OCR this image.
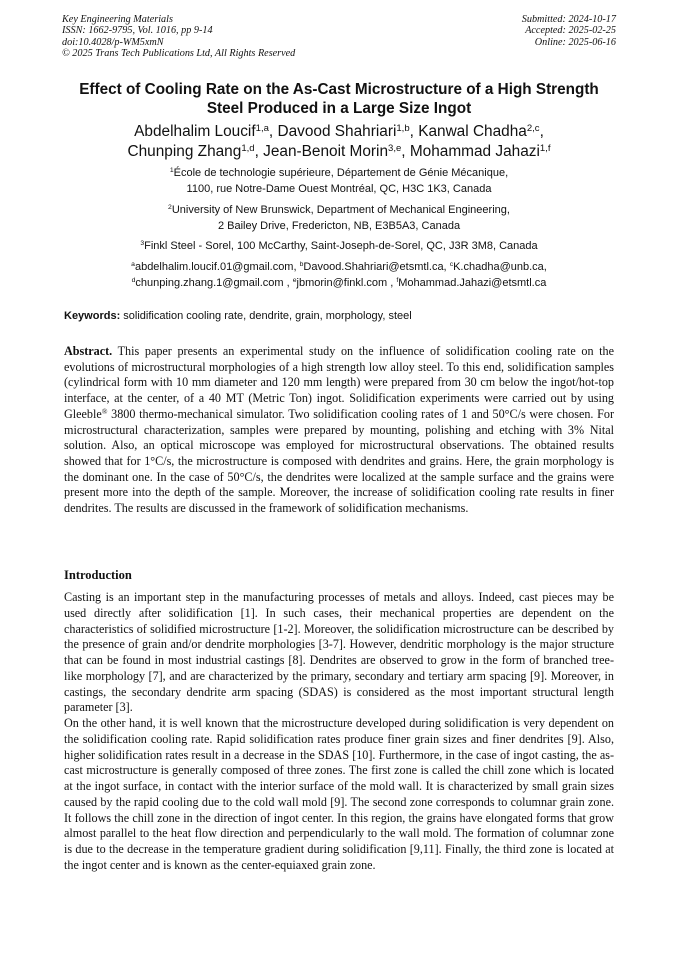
Key Engineering Materials
ISSN: 1662-9795, Vol. 1016, pp 9-14
doi:10.4028/p-WM5xmN
© 2025 Trans Tech Publications Ltd, All Rights Reserved
Submitted: 2024-10-17
Accepted: 2025-02-25
Online: 2025-06-16
Effect of Cooling Rate on the As-Cast Microstructure of a High Strength
Steel Produced in a Large Size Ingot
Abdelhalim Loucif$^{1,a}$, Davood Shahriari$^{1,b}$, Kanwal Chadha$^{2,c}$,
Chunping Zhang$^{1,d}$, Jean-Benoit Morin$^{3,e}$, Mohammad Jahazi$^{1,f}$
$^1$École de technologie supérieure, Département de Génie Mécanique,
1100, rue Notre-Dame Ouest Montréal, QC, H3C 1K3, Canada
$^2$University of New Brunswick, Department of Mechanical Engineering,
2 Bailey Drive, Fredericton, NB, E3B5A3, Canada
$^3$Finkl Steel - Sorel, 100 McCarthy, Saint-Joseph-de-Sorel, QC, J3R 3M8, Canada
$^a$abdelhalim.loucif.01@gmail.com, $^b$Davood.Shahriari@etsmtl.ca, $^c$K.chadha@unb.ca,
$^d$chunping.zhang.1@gmail.com , $^e$jbmorin@finkl.com , $^f$Mohammad.Jahazi@etsmtl.ca
Keywords: solidification cooling rate, dendrite, grain, morphology, steel
Abstract. This paper presents an experimental study on the influence of solidification cooling rate on the evolutions of microstructural morphologies of a high strength low alloy steel. To this end, solidification samples (cylindrical form with 10 mm diameter and 120 mm length) were prepared from 30 cm below the ingot/hot-top interface, at the center, of a 40 MT (Metric Ton) ingot. Solidification experiments were carried out by using Gleeble® 3800 thermo-mechanical simulator. Two solidification cooling rates of 1 and 50°C/s were chosen. For microstructural characterization, samples were prepared by mounting, polishing and etching with 3% Nital solution. Also, an optical microscope was employed for microstructural observations. The obtained results showed that for 1°C/s, the microstructure is composed with dendrites and grains. Here, the grain morphology is the dominant one. In the case of 50°C/s, the dendrites were localized at the sample surface and the grains were present more into the depth of the sample. Moreover, the increase of solidification cooling rate results in finer dendrites. The results are discussed in the framework of solidification mechanisms.
Introduction

Casting is an important step in the manufacturing processes of metals and alloys. Indeed, cast pieces may be used directly after solidification [1]. In such cases, their mechanical properties are dependent on the characteristics of solidified microstructure [1-2]. Moreover, the solidification microstructure can be described by the presence of grain and/or dendrite morphologies [3-7]. However, dendritic morphology is the major structure that can be found in most industrial castings [8]. Dendrites are observed to grow in the form of branched tree-like morphology [7], and are characterized by the primary, secondary and tertiary arm spacing [9]. Moreover, in castings, the secondary dendrite arm spacing (SDAS) is considered as the most important structural length parameter [3].

On the other hand, it is well known that the microstructure developed during solidification is very dependent on the solidification cooling rate. Rapid solidification rates produce finer grain sizes and finer dendrites [9]. Also, higher solidification rates result in a decrease in the SDAS [10]. Furthermore, in the case of ingot casting, the as-cast microstructure is generally composed of three zones. The first zone is called the chill zone which is located at the ingot surface, in contact with the interior surface of the mold wall. It is characterized by small grain sizes caused by the rapid cooling due to the cold wall mold [9]. The second zone corresponds to columnar grain zone. It follows the chill zone in the direction of ingot center. In this region, the grains have elongated forms that grow almost parallel to the heat flow direction and perpendicularly to the wall mold. The formation of columnar zone is due to the decrease in the temperature gradient during solidification [9,11]. Finally, the third zone is located at the ingot center and is known as the center-equiaxed grain zone.
